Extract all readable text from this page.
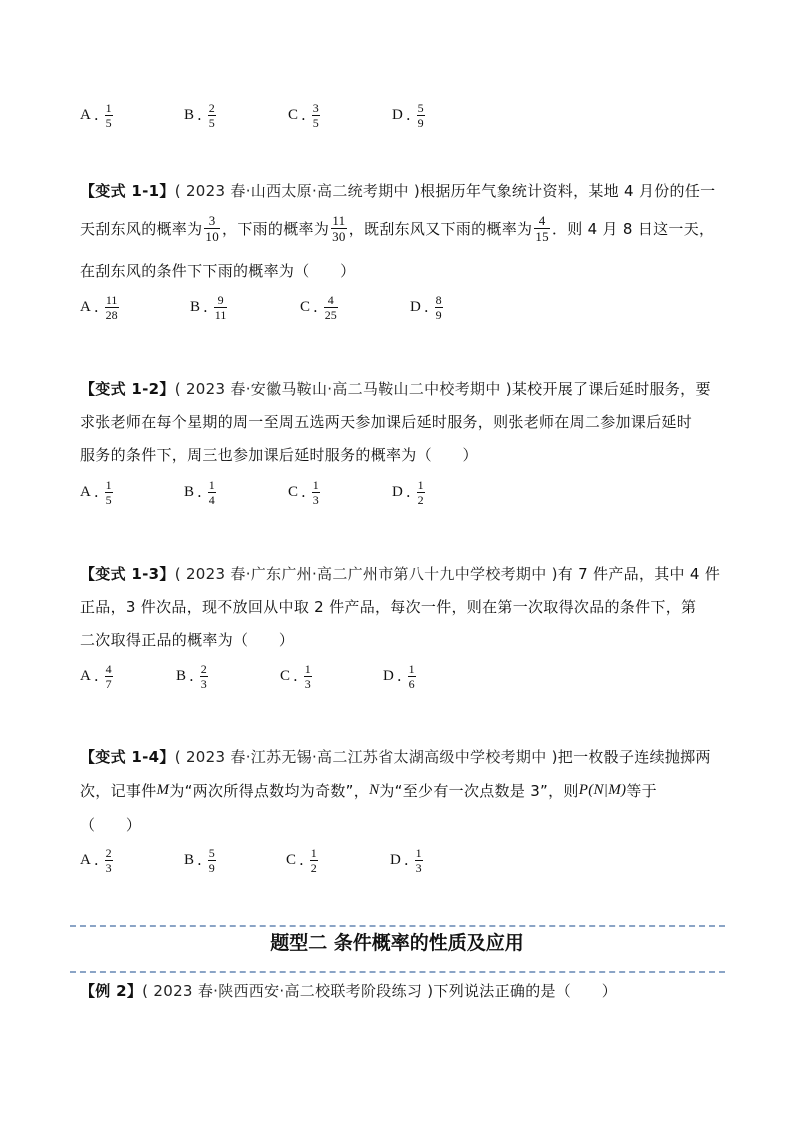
A . $\frac{1}{5}$	B . $\frac{2}{5}$	C . $\frac{3}{5}$	D . $\frac{5}{9}$
【变式 1-1】 ( 2023 春·山西太原·高二统考期中 ) 根据历年气象统计资料，某地 4 月份的任一
天刮东风的概率为 $\frac{3}{10}$ ，下雨的概率为 $\frac{11}{30}$ ，既刮东风又下雨的概率为 $\frac{4}{15}$ ．则 4 月 8 日这一天，
在刮东风的条件下下雨的概率为（　　）
A . $\frac{11}{28}$	B . $\frac{9}{11}$	C . $\frac{4}{25}$	D . $\frac{8}{9}$
【变式 1-2】 ( 2023 春·安徽马鞍山·高二马鞍山二中校考期中 ) 某校开展了课后延时服务，要
求张老师在每个星期的周一至周五选两天参加课后延时服务，则张老师在周二参加课后延时
服务的条件下，周三也参加课后延时服务的概率为（　　）
A . $\frac{1}{5}$	B . $\frac{1}{4}$	C . $\frac{1}{3}$	D . $\frac{1}{2}$
【变式 1-3】 ( 2023 春·广东广州·高二广州市第八十九中学校考期中 ) 有 7 件产品，其中 4 件
正品，3 件次品，现不放回从中取 2 件产品，每次一件，则在第一次取得次品的条件下，第
二次取得正品的概率为（　　）
A . $\frac{4}{7}$	B . $\frac{2}{3}$	C . $\frac{1}{3}$	D . $\frac{1}{6}$
【变式 1-4】 ( 2023 春·江苏无锡·高二江苏省太湖高级中学校考期中 ) 把一枚骰子连续抛掷两
次，记事件 M 为“两次所得点数均为奇数”， N 为“至少有一次点数是 3”，则 P(N|M) 等于
（　　）
A . $\frac{2}{3}$	B . $\frac{5}{9}$	C . $\frac{1}{2}$	D . $\frac{1}{3}$
题型二 条件概率的性质及应用
【例 2】 ( 2023 春·陕西西安·高二校联考阶段练习 ) 下列说法正确的是（　　）
